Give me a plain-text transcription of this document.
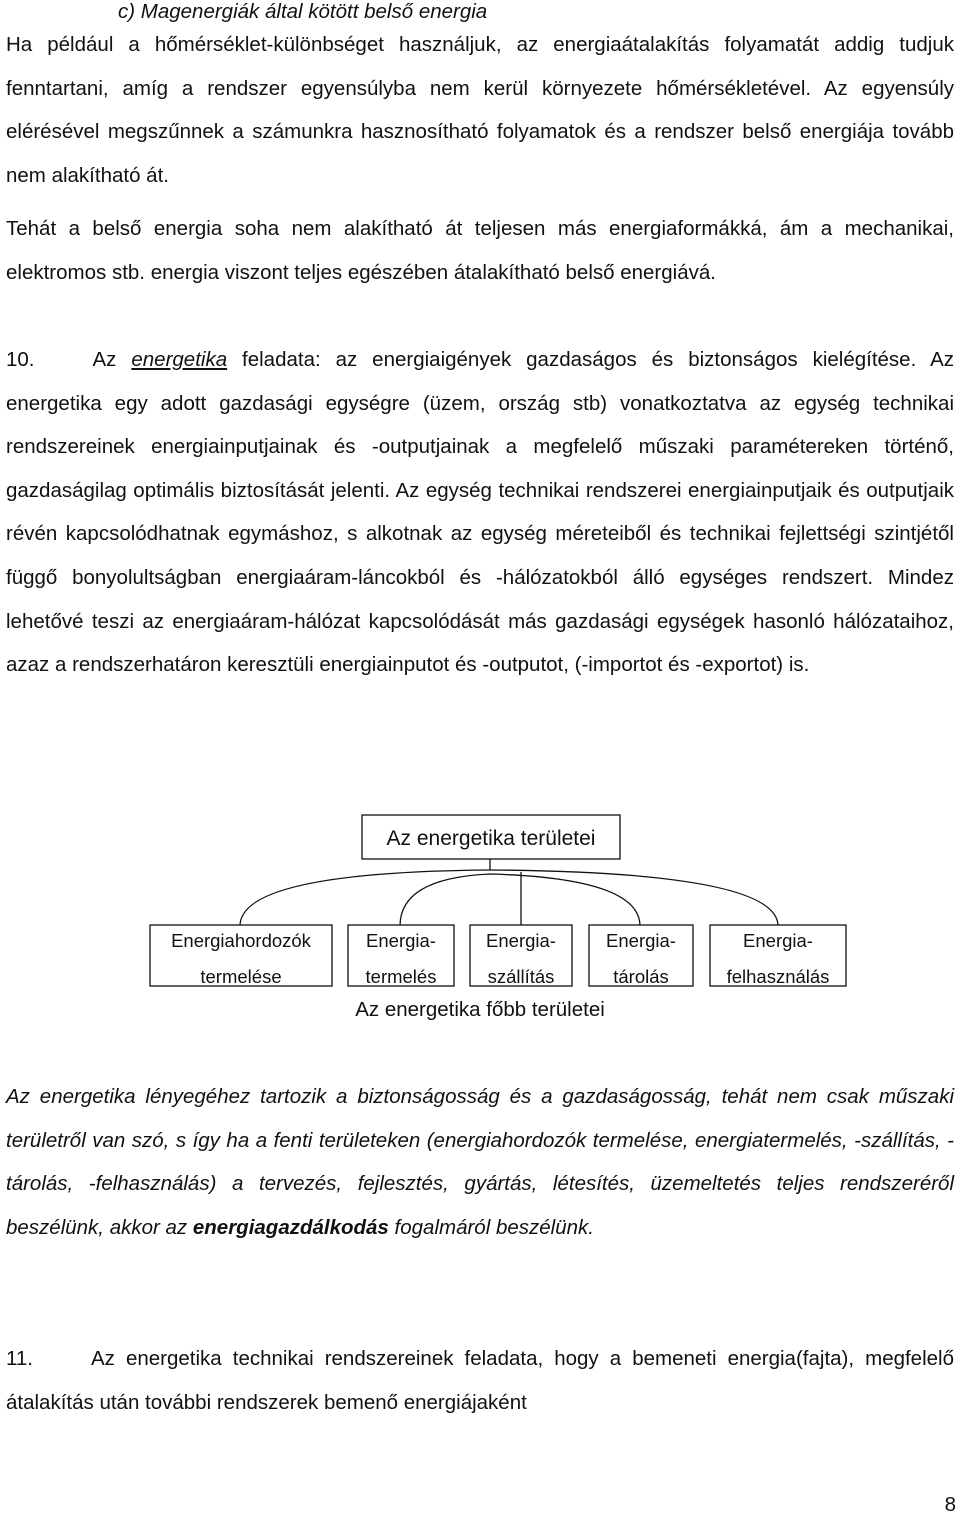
c) Magenergiák által kötött belső energia

Ha például a hőmérséklet-különbséget használjuk, az energiaátalakítás folyamatát addig tudjuk fenntartani, amíg a rendszer egyensúlyba nem kerül környezete hőmérsékletével. Az egyensúly elérésével megszűnnek a számunkra hasznosítható folyamatok és a rendszer belső energiája tovább nem alakítható át.

Tehát a belső energia soha nem alakítható át teljesen más energiaformákká, ám a mechanikai, elektromos stb. energia viszont teljes egészében átalakítható belső energiává.

10.	Az energetika feladata: az energiaigények gazdaságos és biztonságos kielégítése. Az energetika egy adott gazdasági egységre (üzem, ország stb) vonatkoztatva az egység technikai rendszereinek energiainputjainak és -outputjainak a megfelelő műszaki paramétereken történő, gazdaságilag optimális biztosítását jelenti. Az egység technikai rendszerei energiainputjaik és outputjaik révén kapcsolódhatnak egymáshoz, s alkotnak az egység méreteiből és technikai fejlettségi szintjétől függő bonyolultságban energiaáram-láncokból és -hálózatokból álló egységes rendszert. Mindez lehetővé teszi az energiaáram-hálózat kapcsolódását más gazdasági egységek hasonló hálózataihoz, azaz a rendszerhatáron keresztüli energiainputot és -outputot, (-importot és -exportot) is.

Az energetika területei
Energiahordozók
termelése
Energia-
termelés
Energia-
szállítás
Energia-
tárolás
Energia-
felhasználás

Az energetika főbb területei

Az energetika lényegéhez tartozik a biztonságosság és a gazdaságosság, tehát nem csak műszaki területről van szó, s így ha a fenti területeken (energiahordozók termelése, energiatermelés, -szállítás, -tárolás, -felhasználás) a tervezés, fejlesztés, gyártás, létesítés, üzemeltetés teljes rendszeréről beszélünk, akkor az energiagazdálkodás fogalmáról beszélünk.

11.	Az energetika technikai rendszereinek feladata, hogy a bemeneti energia(fajta), megfelelő átalakítás után további rendszerek bemenő energiájaként

8
